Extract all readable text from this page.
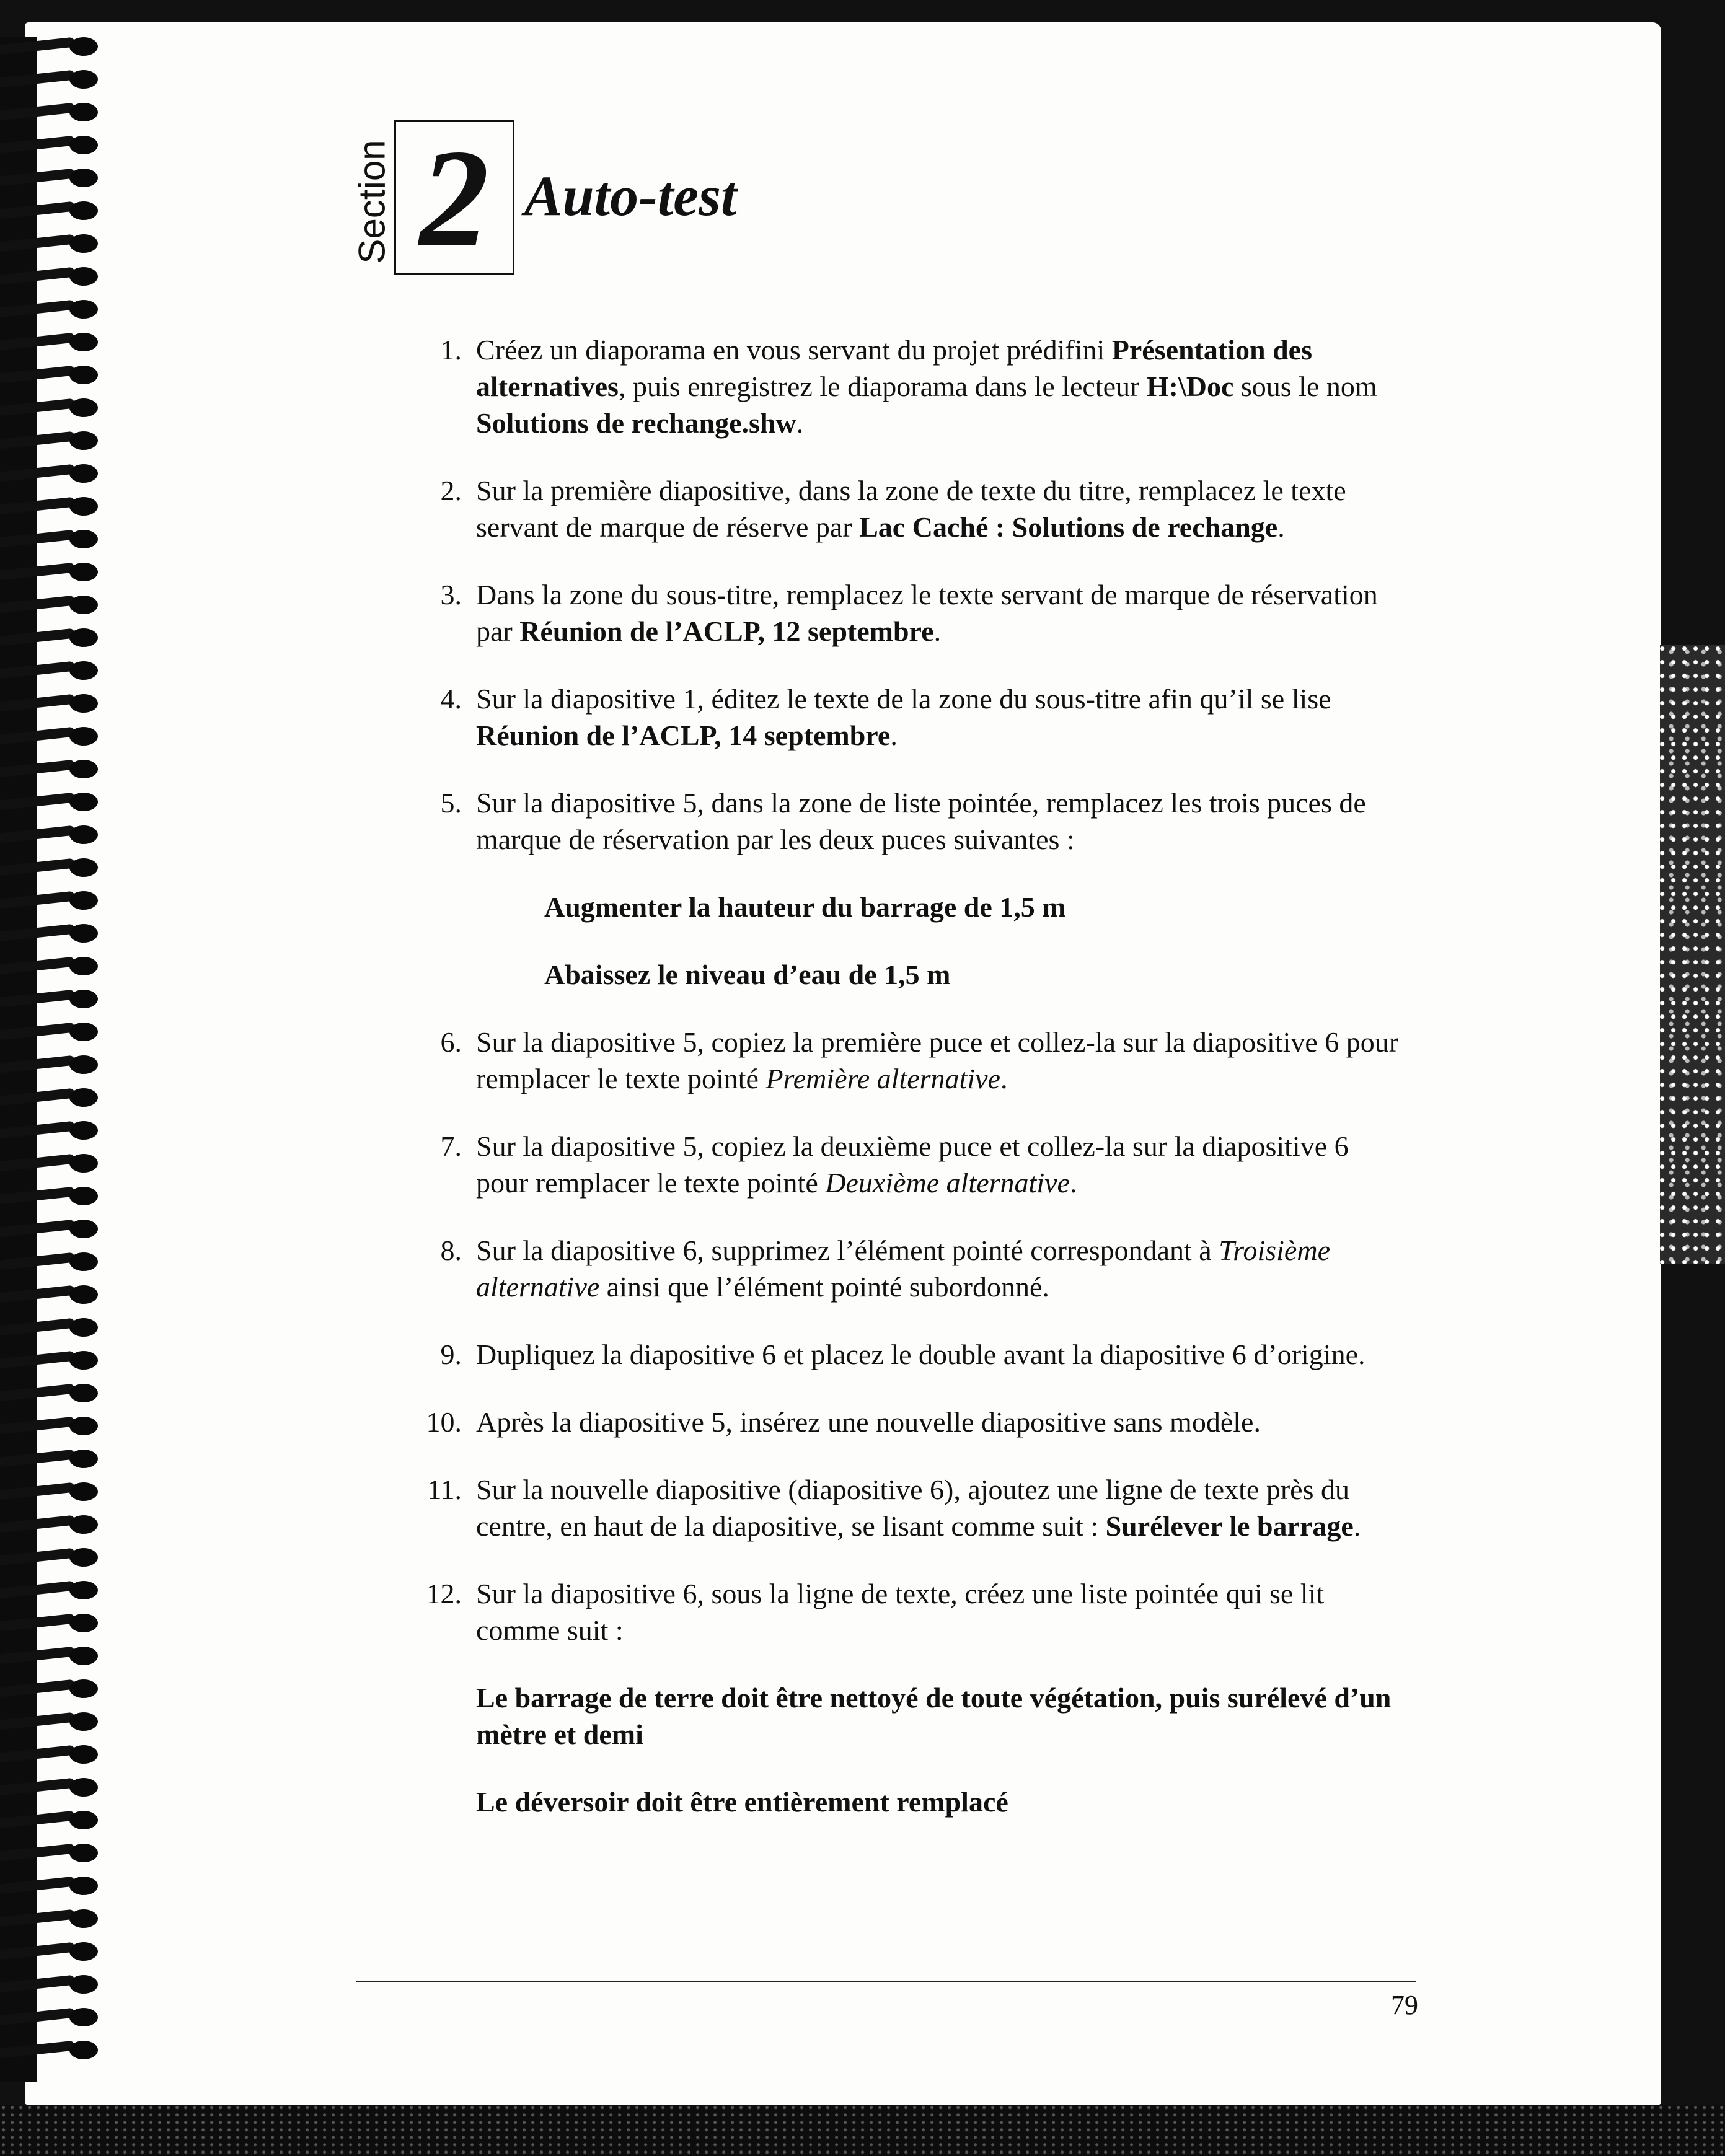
Section 2 Auto-test
1. Créez un diaporama en vous servant du projet prédifini Présentation des alternatives, puis enregistrez le diaporama dans le lecteur H:\Doc sous le nom Solutions de rechange.shw.
2. Sur la première diapositive, dans la zone de texte du titre, remplacez le texte servant de marque de réserve par Lac Caché : Solutions de rechange.
3. Dans la zone du sous-titre, remplacez le texte servant de marque de réservation par Réunion de l’ACLP, 12 septembre.
4. Sur la diapositive 1, éditez le texte de la zone du sous-titre afin qu’il se lise Réunion de l’ACLP, 14 septembre.
5. Sur la diapositive 5, dans la zone de liste pointée, remplacez les trois puces de marque de réservation par les deux puces suivantes :
Augmenter la hauteur du barrage de 1,5 m
Abaissez le niveau d’eau de 1,5 m
6. Sur la diapositive 5, copiez la première puce et collez-la sur la diapositive 6 pour remplacer le texte pointé Première alternative.
7. Sur la diapositive 5, copiez la deuxième puce et collez-la sur la diapositive 6 pour remplacer le texte pointé Deuxième alternative.
8. Sur la diapositive 6, supprimez l’élément pointé correspondant à Troisième alternative ainsi que l’élément pointé subordonné.
9. Dupliquez la diapositive 6 et placez le double avant la diapositive 6 d’origine.
10. Après la diapositive 5, insérez une nouvelle diapositive sans modèle.
11. Sur la nouvelle diapositive (diapositive 6), ajoutez une ligne de texte près du centre, en haut de la diapositive, se lisant comme suit : Surélever le barrage.
12. Sur la diapositive 6, sous la ligne de texte, créez une liste pointée qui se lit comme suit :
Le barrage de terre doit être nettoyé de toute végétation, puis surélevé d’un mètre et demi
Le déversoir doit être entièrement remplacé
79
